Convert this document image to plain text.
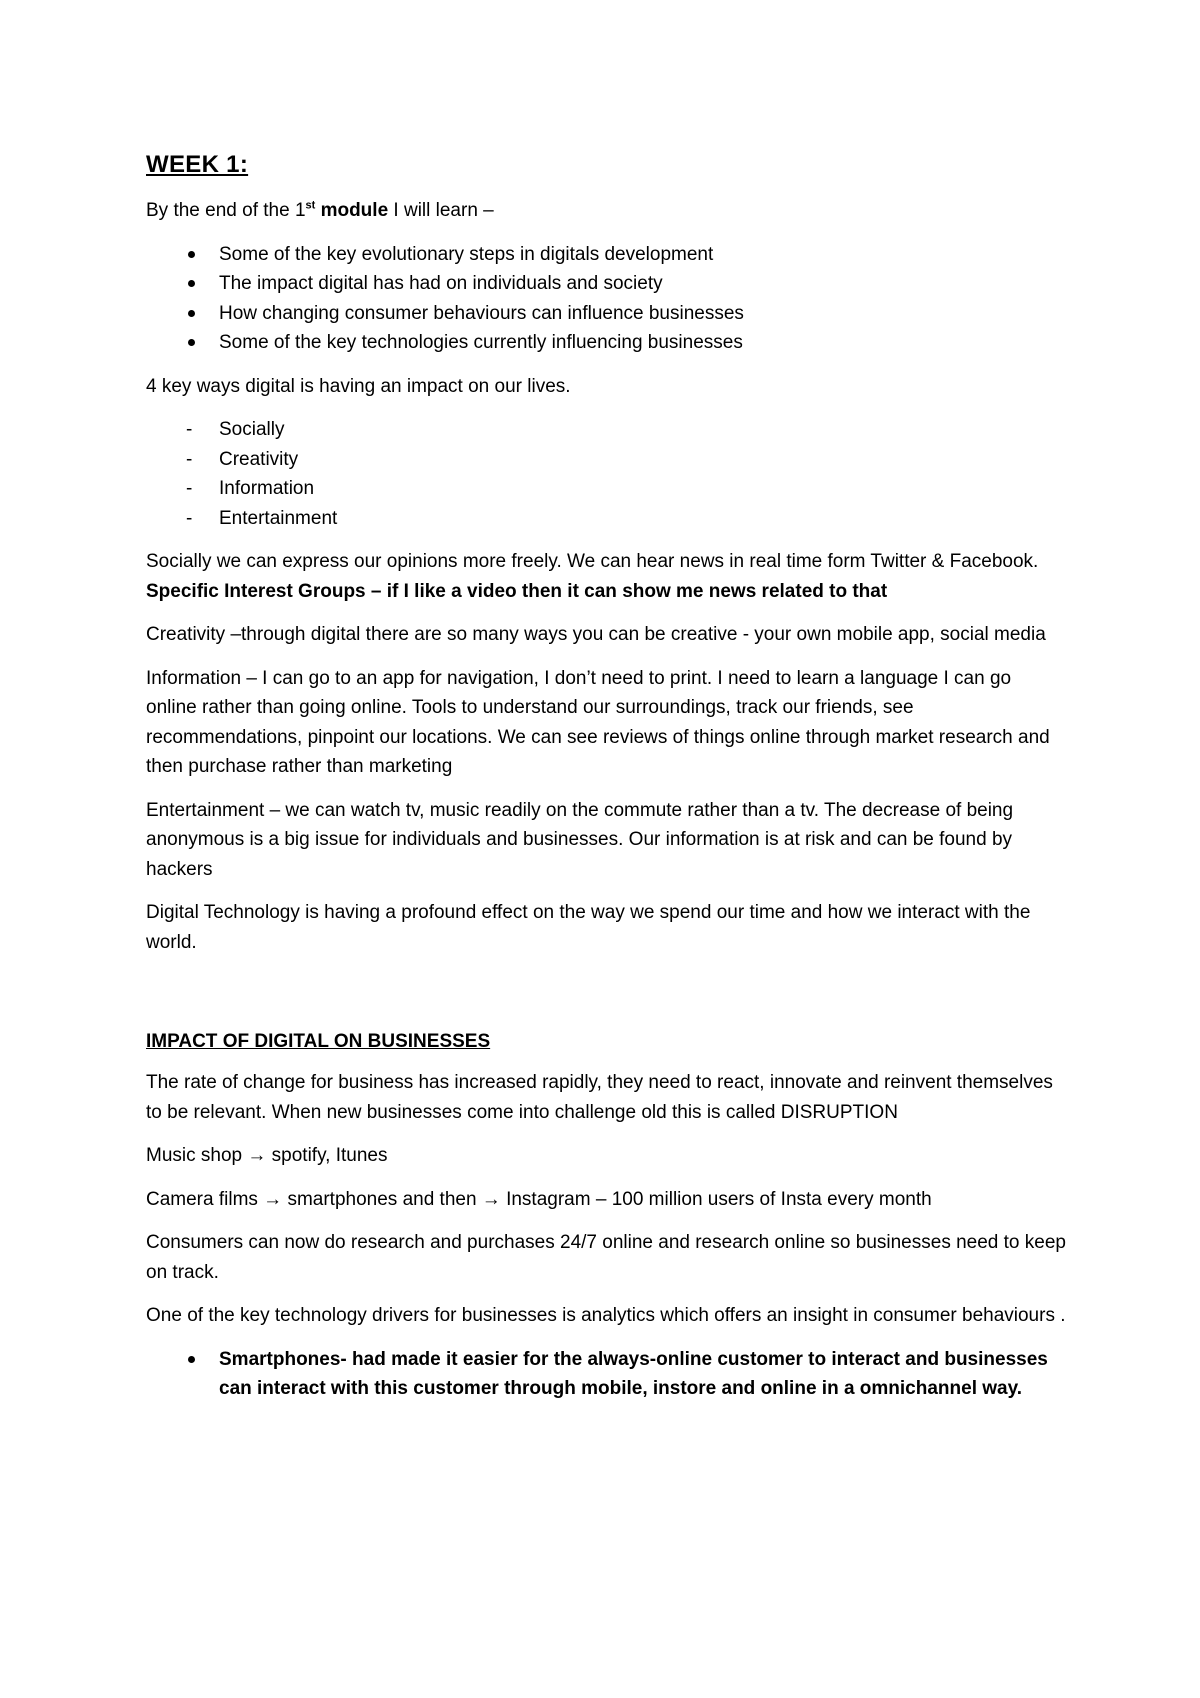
WEEK 1:

By the end of the 1st module I will learn –

Some of the key evolutionary steps in digitals development
The impact digital has had on individuals and society
How changing consumer behaviours can influence businesses
Some of the key technologies currently influencing businesses

4 key ways digital is having an impact on our lives.

- Socially
- Creativity
- Information
- Entertainment

Socially we can express our opinions more freely. We can hear news in real time form Twitter & Facebook. Specific Interest Groups – if I like a video then it can show me news related to that

Creativity –through digital there are so many ways you can be creative - your own mobile app, social media

Information – I can go to an app for navigation, I don’t need to print. I need to learn a language I can go online rather than going online. Tools to understand our surroundings, track our friends, see recommendations, pinpoint our locations. We can see reviews of things online through market research and then purchase rather than marketing

Entertainment – we can watch tv, music readily on the commute rather than a tv. The decrease of being anonymous is a big issue for individuals and businesses. Our information is at risk and can be found by hackers

Digital Technology is having a profound effect on the way we spend our time and how we interact with the world.

IMPACT OF DIGITAL ON BUSINESSES

The rate of change for business has increased rapidly, they need to react, innovate and reinvent themselves to be relevant. When new businesses come into challenge old this is called DISRUPTION

Music shop → spotify, Itunes

Camera films → smartphones and then → Instagram – 100 million users of Insta every month

Consumers can now do research and purchases 24/7 online and research online so businesses need to keep on track.

One of the key technology drivers for businesses is analytics which offers an insight in consumer behaviours .

Smartphones- had made it easier for the always-online customer to interact and businesses can interact with this customer through mobile, instore and online in a omnichannel way.
